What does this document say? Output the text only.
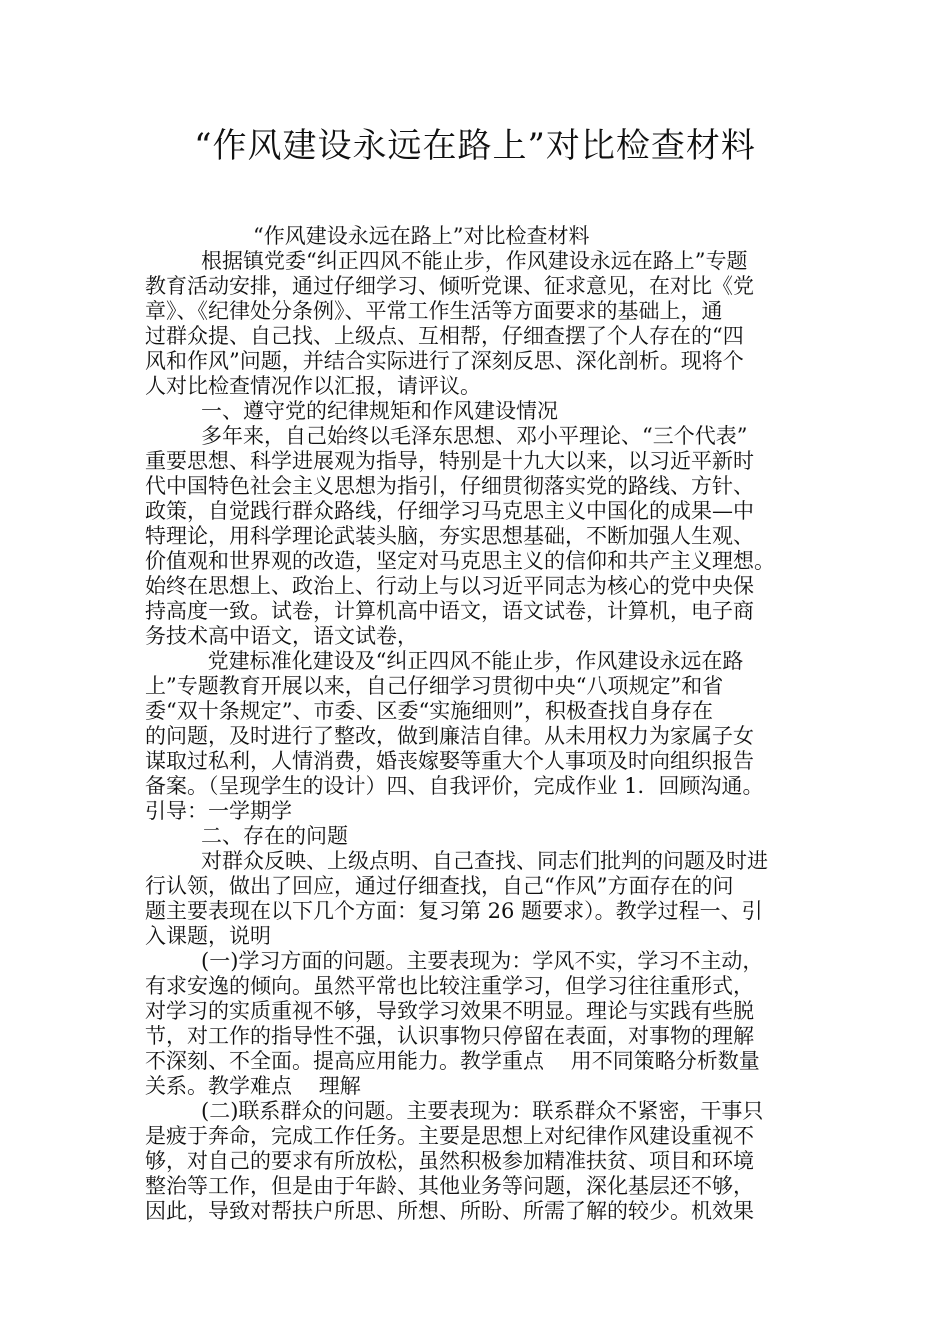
“作风建设永远在路上”对比检查材料
“作风建设永远在路上”对比检查材料
根据镇党委“纠正四风不能止步，作风建设永远在路上”专题
教育活动安排，通过仔细学习、倾听党课、征求意见，在对比《党
章》、《纪律处分条例》、平常工作生活等方面要求的基础上，通
过群众提、自己找、上级点、互相帮，仔细查摆了个人存在的“四
风和作风”问题，并结合实际进行了深刻反思、深化剖析。现将个
人对比检查情况作以汇报，请评议。
一、遵守党的纪律规矩和作风建设情况
多年来，自己始终以毛泽东思想、邓小平理论、“三个代表”
重要思想、科学进展观为指导，特别是十九大以来，以习近平新时
代中国特色社会主义思想为指引，仔细贯彻落实党的路线、方针、
政策，自觉践行群众路线，仔细学习马克思主义中国化的成果—中
特理论，用科学理论武装头脑，夯实思想基础，不断加强人生观、
价值观和世界观的改造，坚定对马克思主义的信仰和共产主义理想。
始终在思想上、政治上、行动上与以习近平同志为核心的党中央保
持高度一致。试卷，计算机高中语文，语文试卷，计算机，电子商
务技术高中语文，语文试卷，
党建标准化建设及“纠正四风不能止步，作风建设永远在路
上”专题教育开展以来，自己仔细学习贯彻中央“八项规定”和省
委“双十条规定”、市委、区委“实施细则”，积极查找自身存在
的问题，及时进行了整改，做到廉洁自律。从未用权力为家属子女
谋取过私利，人情消费，婚丧嫁娶等重大个人事项及时向组织报告
备案。（呈现学生的设计）四、自我评价，完成作业 1．回顾沟通。
引导：一学期学
二、存在的问题
对群众反映、上级点明、自己查找、同志们批判的问题及时进
行认领，做出了回应，通过仔细查找，自己“作风”方面存在的问
题主要表现在以下几个方面：复习第 26 题要求）。教学过程一、引
入课题，说明
(一)学习方面的问题。主要表现为：学风不实，学习不主动，
有求安逸的倾向。虽然平常也比较注重学习，但学习往往重形式，
对学习的实质重视不够，导致学习效果不明显。理论与实践有些脱
节，对工作的指导性不强，认识事物只停留在表面，对事物的理解
不深刻、不全面。提高应用能力。教学重点    用不同策略分析数量
关系。教学难点    理解
(二)联系群众的问题。主要表现为：联系群众不紧密，干事只
是疲于奔命，完成工作任务。主要是思想上对纪律作风建设重视不
够，对自己的要求有所放松，虽然积极参加精准扶贫、项目和环境
整治等工作，但是由于年龄、其他业务等问题，深化基层还不够，
因此，导致对帮扶户所思、所想、所盼、所需了解的较少。机效果
